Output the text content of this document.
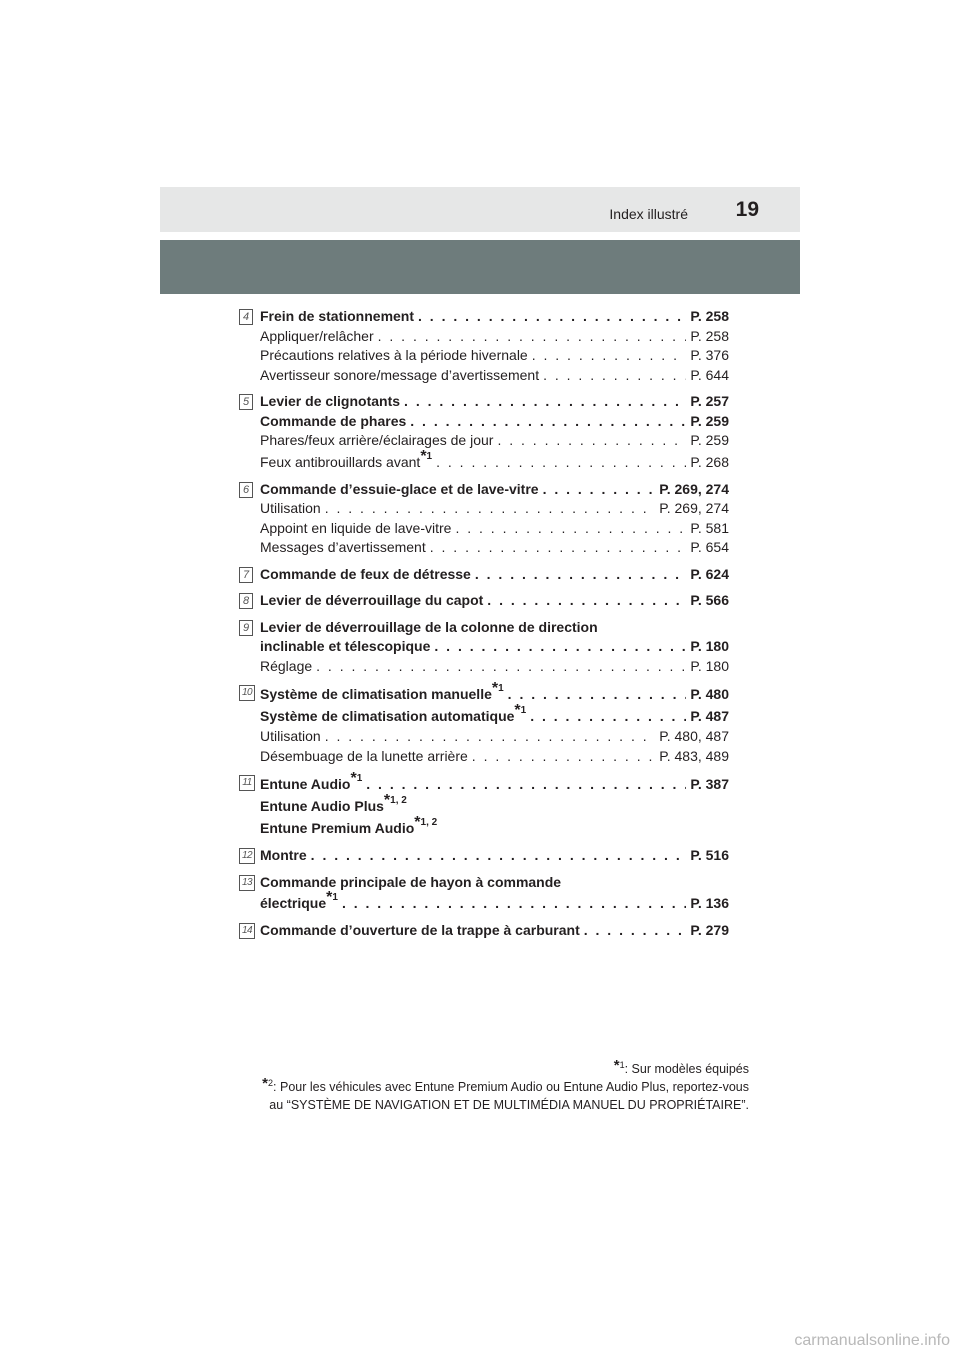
Index illustré 19
4 Frein de stationnement . . .	P. 258
Appliquer/relâcher . . .	P. 258
Précautions relatives à la période hivernale . . .	P. 376
Avertisseur sonore/message d’avertissement . . .	P. 644
5 Levier de clignotants . . .	P. 257
Commande de phares . . .	P. 259
Phares/feux arrière/éclairages de jour . . .	P. 259
Feux antibrouillards avant$^{*1}$ . . .	P. 268
6 Commande d’essuie-glace et de lave-vitre . . .	P. 269, 274
Utilisation . . .	P. 269, 274
Appoint en liquide de lave-vitre . . .	P. 581
Messages d’avertissement . . .	P. 654
7 Commande de feux de détresse . . .	P. 624
8 Levier de déverrouillage du capot . . .	P. 566
9 Levier de déverrouillage de la colonne de direction
inclinable et télescopique . . .	P. 180
Réglage . . .	P. 180
10 Système de climatisation manuelle$^{*1}$ . . .	P. 480
Système de climatisation automatique$^{*1}$ . . .	P. 487
Utilisation . . .	P. 480, 487
Désembuage de la lunette arrière . . .	P. 483, 489
11 Entune Audio$^{*1}$ . . .	P. 387
Entune Audio Plus$^{*1, 2}$
Entune Premium Audio$^{*1, 2}$
12 Montre . . .	P. 516
13 Commande principale de hayon à commande
électrique$^{*1}$ . . .	P. 136
14 Commande d’ouverture de la trappe à carburant . . .	P. 279
$^{*1}$: Sur modèles équipés
$^{*2}$: Pour les véhicules avec Entune Premium Audio ou Entune Audio Plus, reportez-vous
au “SYSTÈME DE NAVIGATION ET DE MULTIMÉDIA MANUEL DU PROPRIÉTAIRE”.
carmanualsonline.info
